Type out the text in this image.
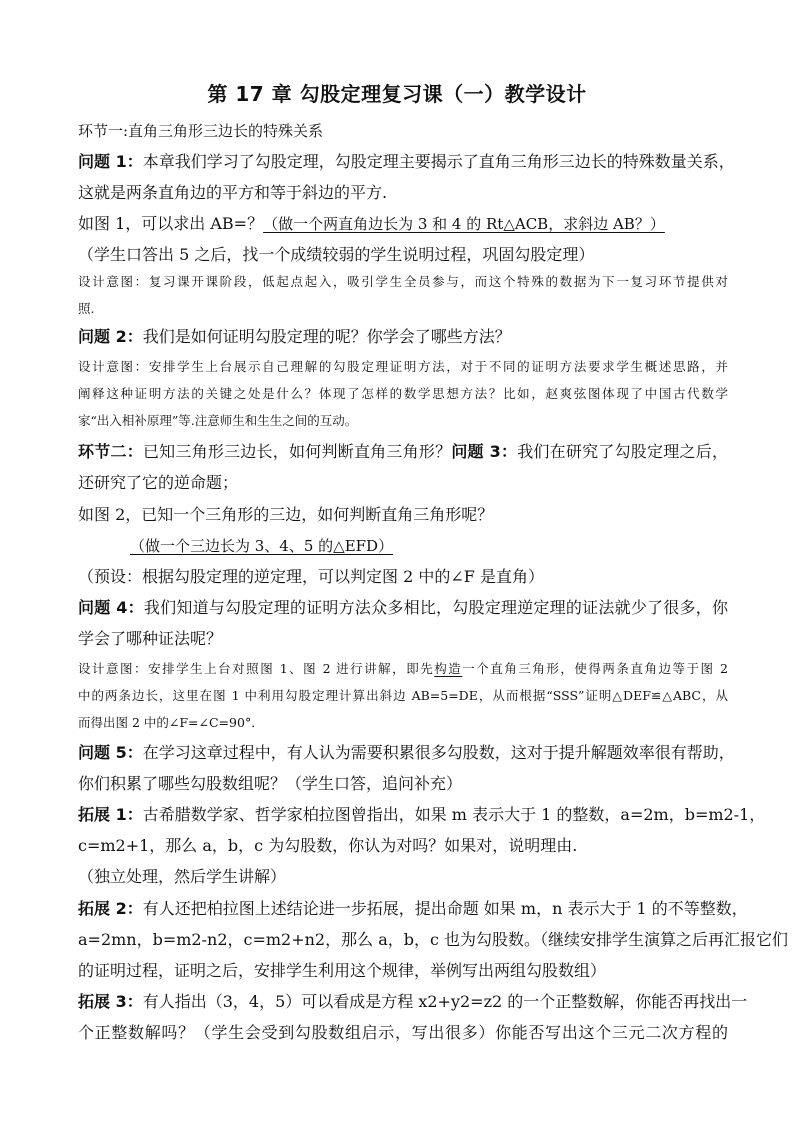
第 17 章 勾股定理复习课（一）教学设计

环节一:直角三角形三边长的特殊关系

问题 1：本章我们学习了勾股定理，勾股定理主要揭示了直角三角形三边长的特殊数量关系，

这就是两条直角边的平方和等于斜边的平方.

如图 1，可以求出 AB=？（做一个两直角边长为 3 和 4 的 Rt△ACB，求斜边 AB？）

（学生口答出 5 之后，找一个成绩较弱的学生说明过程，巩固勾股定理）

设计意图：复习课开课阶段，低起点起入，吸引学生全员参与，而这个特殊的数据为下一复习环节提供对

照.

问题 2：我们是如何证明勾股定理的呢？你学会了哪些方法？

设计意图：安排学生上台展示自己理解的勾股定理证明方法，对于不同的证明方法要求学生概述思路，并

阐释这种证明方法的关键之处是什么？体现了怎样的数学思想方法？比如，赵爽弦图体现了中国古代数学

家“出入相补原理”等.注意师生和生生之间的互动。

环节二：已知三角形三边长，如何判断直角三角形？问题 3：我们在研究了勾股定理之后，

还研究了它的逆命题；

如图 2，已知一个三角形的三边，如何判断直角三角形呢？

（做一个三边长为 3、4、5 的△EFD）

（预设：根据勾股定理的逆定理，可以判定图 2 中的∠F 是直角）

问题 4：我们知道与勾股定理的证明方法众多相比，勾股定理逆定理的证法就少了很多，你

学会了哪种证法呢？

设计意图：安排学生上台对照图 1、图 2 进行讲解，即先构造一个直角三角形，使得两条直角边等于图 2

中的两条边长，这里在图 1 中利用勾股定理计算出斜边 AB=5=DE，从而根据“SSS”证明△DEF≌△ABC，从

而得出图 2 中的∠F=∠C=90°．

问题 5：在学习这章过程中，有人认为需要积累很多勾股数，这对于提升解题效率很有帮助，

你们积累了哪些勾股数组呢？（学生口答，追问补充）

拓展 1：古希腊数学家、哲学家柏拉图曾指出，如果 m 表示大于 1 的整数，a=2m，b=m2-1，

c=m2+1，那么 a，b，c 为勾股数，你认为对吗？如果对，说明理由.

（独立处理，然后学生讲解）

拓展 2：有人还把柏拉图上述结论进一步拓展，提出命题 如果 m，n 表示大于 1 的不等整数，

a=2mn，b=m2-n2，c=m2+n2，那么 a，b，c 也为勾股数。（继续安排学生演算之后再汇报它们

的证明过程，证明之后，安排学生利用这个规律，举例写出两组勾股数组）

拓展 3：有人指出（3，4，5）可以看成是方程 x2+y2=z2 的一个正整数解，你能否再找出一

个正整数解吗？（学生会受到勾股数组启示，写出很多）你能否写出这个三元二次方程的
